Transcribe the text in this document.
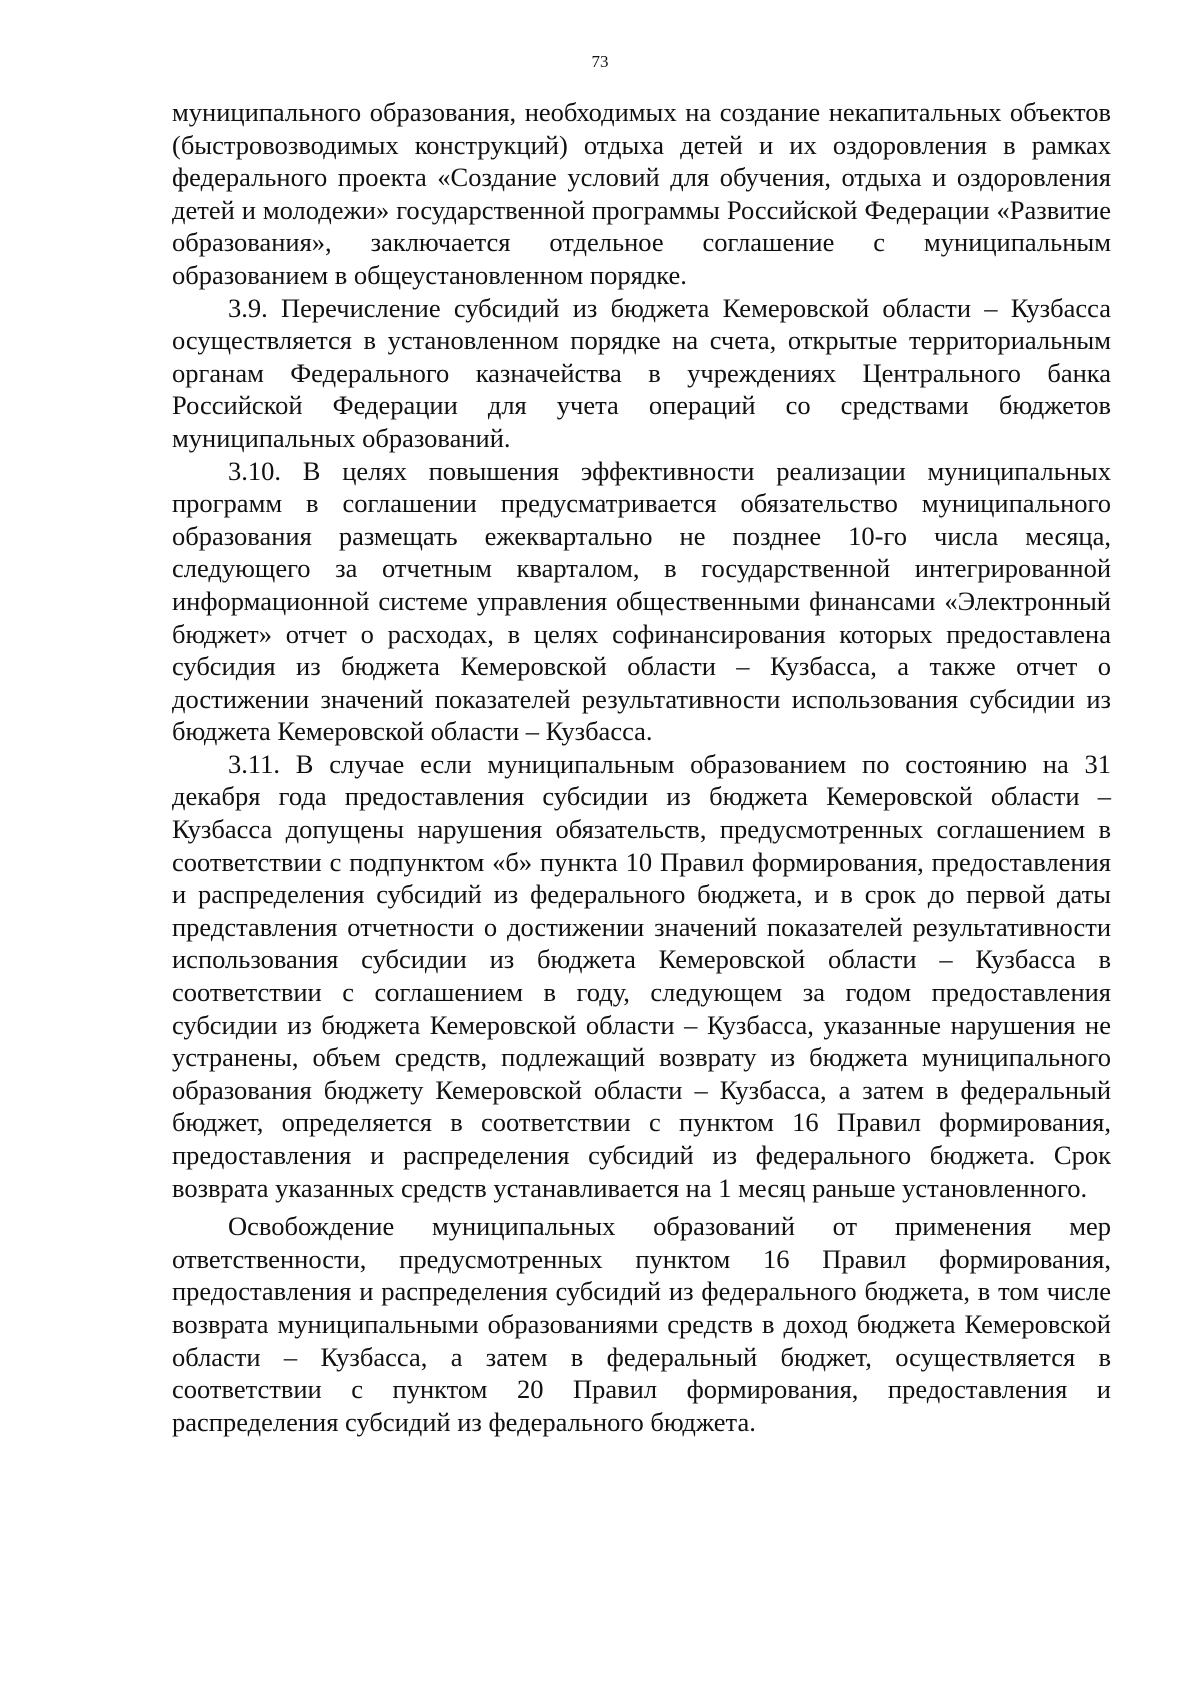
73

муниципального образования, необходимых на создание некапитальных объектов (быстровозводимых конструкций) отдыха детей и их оздоровления в рамках федерального проекта «Создание условий для обучения, отдыха и оздоровления детей и молодежи» государственной программы Российской Федерации «Развитие образования», заключается отдельное соглашение с муниципальным образованием в общеустановленном порядке.

3.9. Перечисление субсидий из бюджета Кемеровской области – Кузбасса осуществляется в установленном порядке на счета, открытые территориальным органам Федерального казначейства в учреждениях Центрального банка Российской Федерации для учета операций со средствами бюджетов муниципальных образований.

3.10. В целях повышения эффективности реализации муниципальных программ в соглашении предусматривается обязательство муниципального образования размещать ежеквартально не позднее 10-го числа месяца, следующего за отчетным кварталом, в государственной интегрированной информационной системе управления общественными финансами «Электронный бюджет» отчет о расходах, в целях софинансирования которых предоставлена субсидия из бюджета Кемеровской области – Кузбасса, а также отчет о достижении значений показателей результативности использования субсидии из бюджета Кемеровской области – Кузбасса.

3.11. В случае если муниципальным образованием по состоянию на 31 декабря года предоставления субсидии из бюджета Кемеровской области – Кузбасса допущены нарушения обязательств, предусмотренных соглашением в соответствии с подпунктом «б» пункта 10 Правил формирования, предоставления и распределения субсидий из федерального бюджета, и в срок до первой даты представления отчетности о достижении значений показателей результативности использования субсидии из бюджета Кемеровской области – Кузбасса в соответствии с соглашением в году, следующем за годом предоставления субсидии из бюджета Кемеровской области – Кузбасса, указанные нарушения не устранены, объем средств, подлежащий возврату из бюджета муниципального образования бюджету Кемеровской области – Кузбасса, а затем в федеральный бюджет, определяется в соответствии с пунктом 16 Правил формирования, предоставления и распределения субсидий из федерального бюджета. Срок возврата указанных средств устанавливается на 1 месяц раньше установленного.

Освобождение муниципальных образований от применения мер ответственности, предусмотренных пунктом 16 Правил формирования, предоставления и распределения субсидий из федерального бюджета, в том числе возврата муниципальными образованиями средств в доход бюджета Кемеровской области – Кузбасса, а затем в федеральный бюджет, осуществляется в соответствии с пунктом 20 Правил формирования, предоставления и распределения субсидий из федерального бюджета.
